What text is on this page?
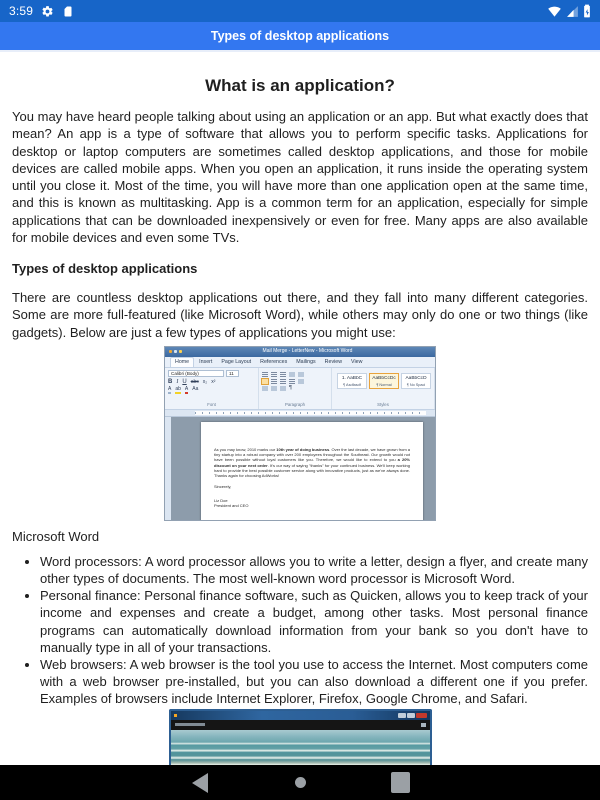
3:59
Types of desktop applications
What is an application?

You may have heard people talking about using an application or an app. But what exactly does that mean? An app is a type of software that allows you to perform specific tasks. Applications for desktop or laptop computers are sometimes called desktop applications, and those for mobile devices are called mobile apps. When you open an application, it runs inside the operating system until you close it. Most of the time, you will have more than one application open at the same time, and this is known as multitasking. App is a common term for an application, especially for simple applications that can be downloaded inexpensively or even for free. Many apps are also available for mobile devices and even some TVs.

Types of desktop applications

There are countless desktop applications out there, and they fall into many different categories. Some are more full-featured (like Microsoft Word), while others may only do one or two things (like gadgets). Below are just a few types of applications you might use:

Mail Merge - LetterNew - Microsoft Word
Home	Insert	Page Layout	References	Mailings	Review	View
Calibri (Body)	11
B I U abc x₂ x²
A ab A Aa
Font
¶
Paragraph
1. AaBbC
¶ Asdfasdf
AaBbCcDc
¶ Normal
AaBbCcD
¶ No Spaci
Styles

As you may know, 2010 marks our 10th year of doing business. Over the last decade, we have grown from a tiny startup into a robust company with over 200 employees throughout the Southeast. Our growth would not have been possible without loyal customers like you. Therefore, we would like to extend to you a 20% discount on your next order. It's our way of saying "thanks" for your continued business. We'll keep working hard to provide the best possible customer service along with innovative products, just as we've always done. Thanks again for choosing AdWorks!

Sincerely,

Liz Doe

President and CEO

Microsoft Word
• Word processors: A word processor allows you to write a letter, design a flyer, and create many other types of documents. The most well-known word processor is Microsoft Word.
• Personal finance: Personal finance software, such as Quicken, allows you to keep track of your income and expenses and create a budget, among other tasks. Most personal finance programs can automatically download information from your bank so you don't have to manually type in all of your transactions.
• Web browsers: A web browser is the tool you use to access the Internet. Most computers come with a web browser pre-installed, but you can also download a different one if you prefer. Examples of browsers include Internet Explorer, Firefox, Google Chrome, and Safari.
